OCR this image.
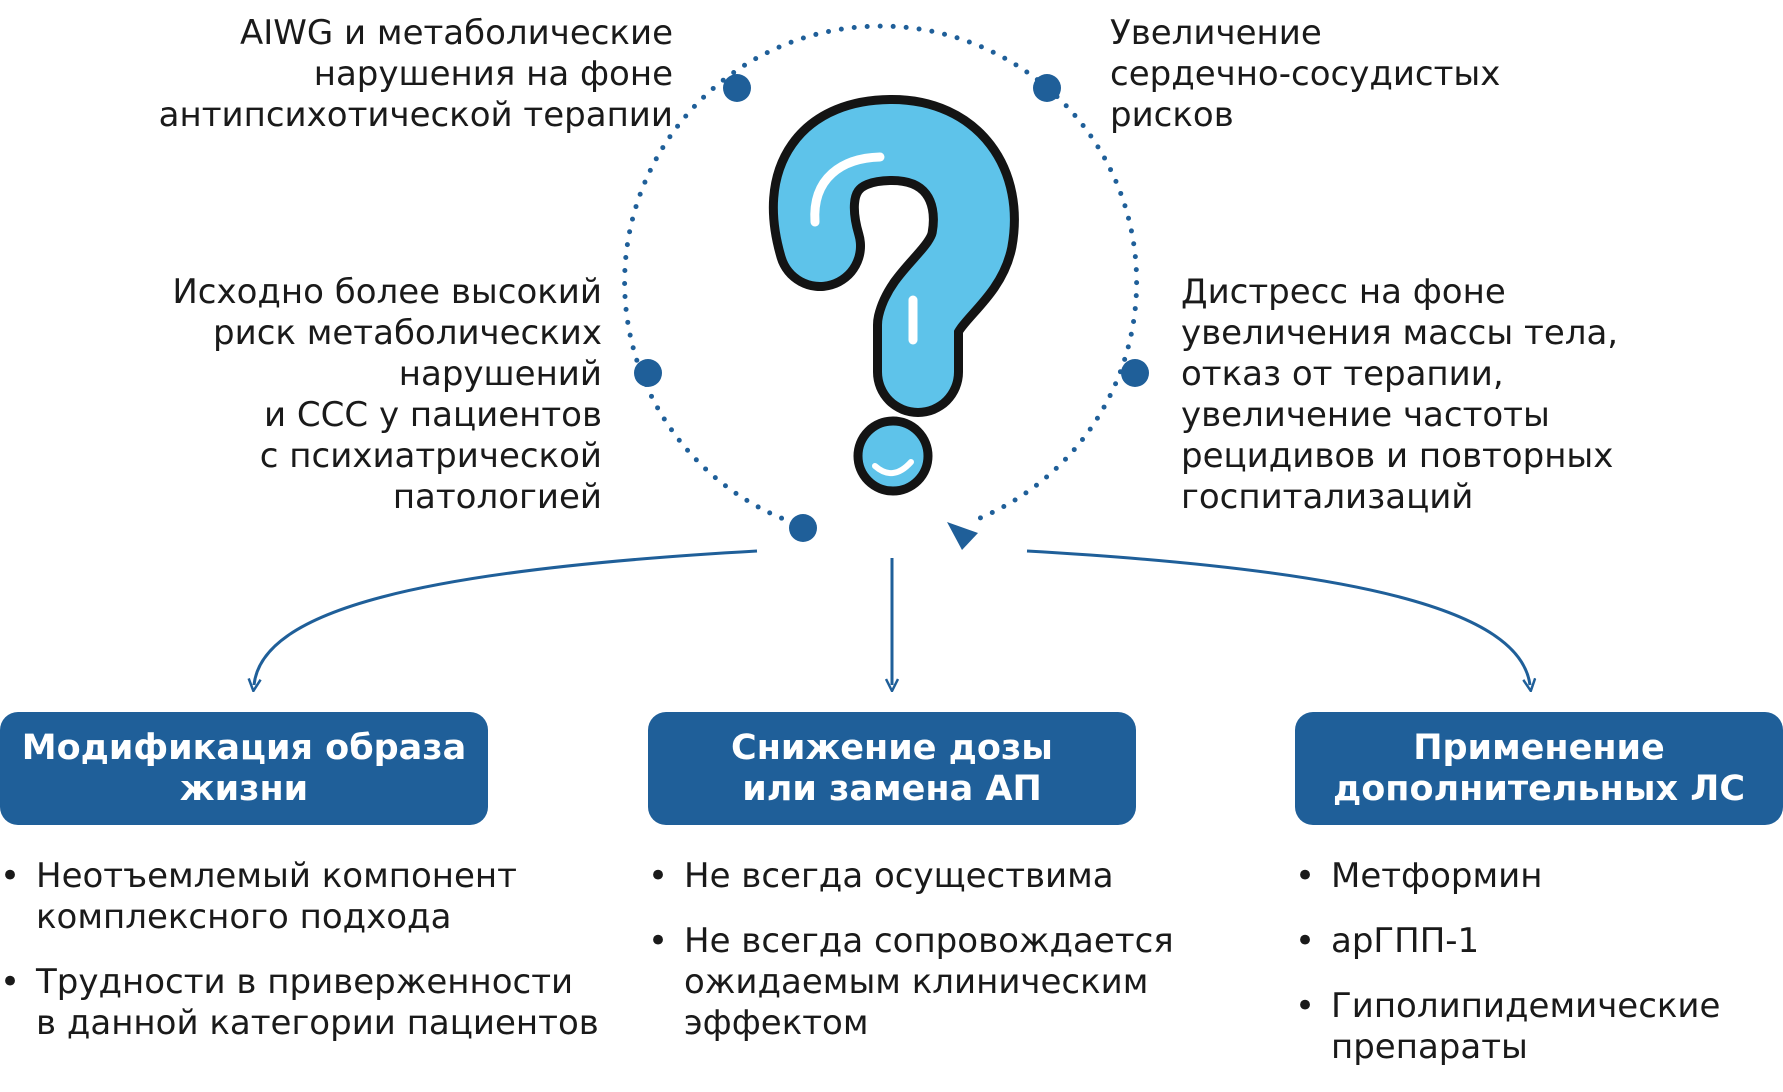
AIWG и метаболические
нарушения на фоне
антипсихотической терапии
Увеличение
сердечно-сосудистых
рисков
Исходно более высокий
риск метаболических
нарушений
и ССС у пациентов
с психиатрической
патологией
Дистресс на фоне
увеличения массы тела,
отказ от терапии,
увеличение частоты
рецидивов и повторных
госпитализаций
Модификация образа
жизни
Снижение дозы
или замена АП
Применение
дополнительных ЛС
• Неотъемлемый компонент
комплексного подхода
• Трудности в приверженности
в данной категории пациентов
• Не всегда осуществима
• Не всегда сопровождается
ожидаемым клиническим
эффектом
• Метформин
• арГПП-1
• Гиполипидемические
препараты
